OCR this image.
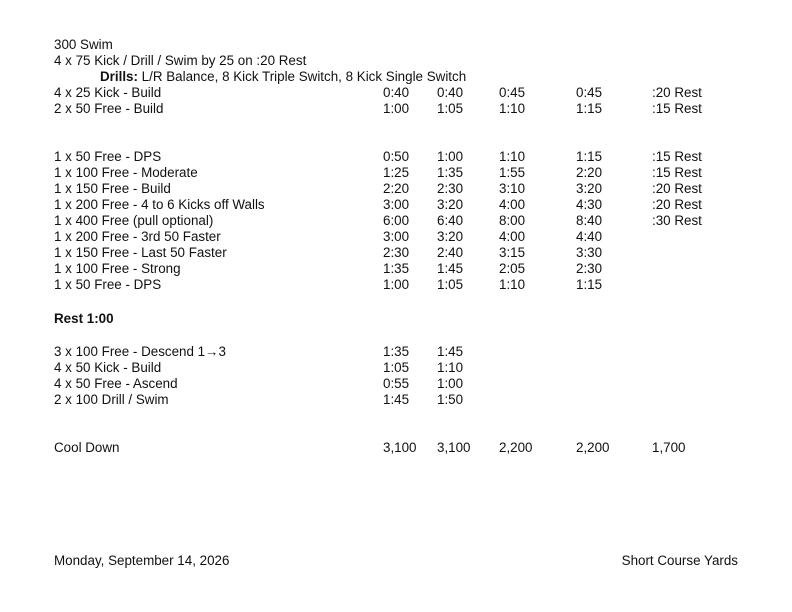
300 Swim
4 x 75 Kick / Drill / Swim by 25 on :20 Rest
Drills: L/R Balance, 8 Kick Triple Switch, 8 Kick Single Switch
4 x 25 Kick - Build	0:40 0:40	0:45	0:45	:20 Rest
2 x 50 Free - Build	1:00 1:05	1:10	1:15	:15 Rest
1 x 50 Free - DPS	0:50 1:00	1:10	1:15	:15 Rest
1 x 100 Free - Moderate	1:25 1:35	1:55	2:20	:15 Rest
1 x 150 Free - Build	2:20 2:30	3:10	3:20	:20 Rest
1 x 200 Free - 4 to 6 Kicks off Walls	3:00 3:20	4:00	4:30	:20 Rest
1 x 400 Free (pull optional)	6:00 6:40	8:00	8:40	:30 Rest
1 x 200 Free - 3rd 50 Faster	3:00 3:20	4:00	4:40
1 x 150 Free - Last 50 Faster	2:30 2:40	3:15	3:30
1 x 100 Free - Strong	1:35 1:45	2:05	2:30
1 x 50 Free - DPS	1:00 1:05	1:10	1:15
Rest 1:00
3 x 100 Free - Descend 1→3	1:35 1:45
4 x 50 Kick - Build	1:05 1:10
4 x 50 Free - Ascend	0:55 1:00
2 x 100 Drill / Swim	1:45 1:50
Cool Down	3,100 3,100 2,200	2,200	1,700
Monday, September 14, 2026	Short Course Yards
